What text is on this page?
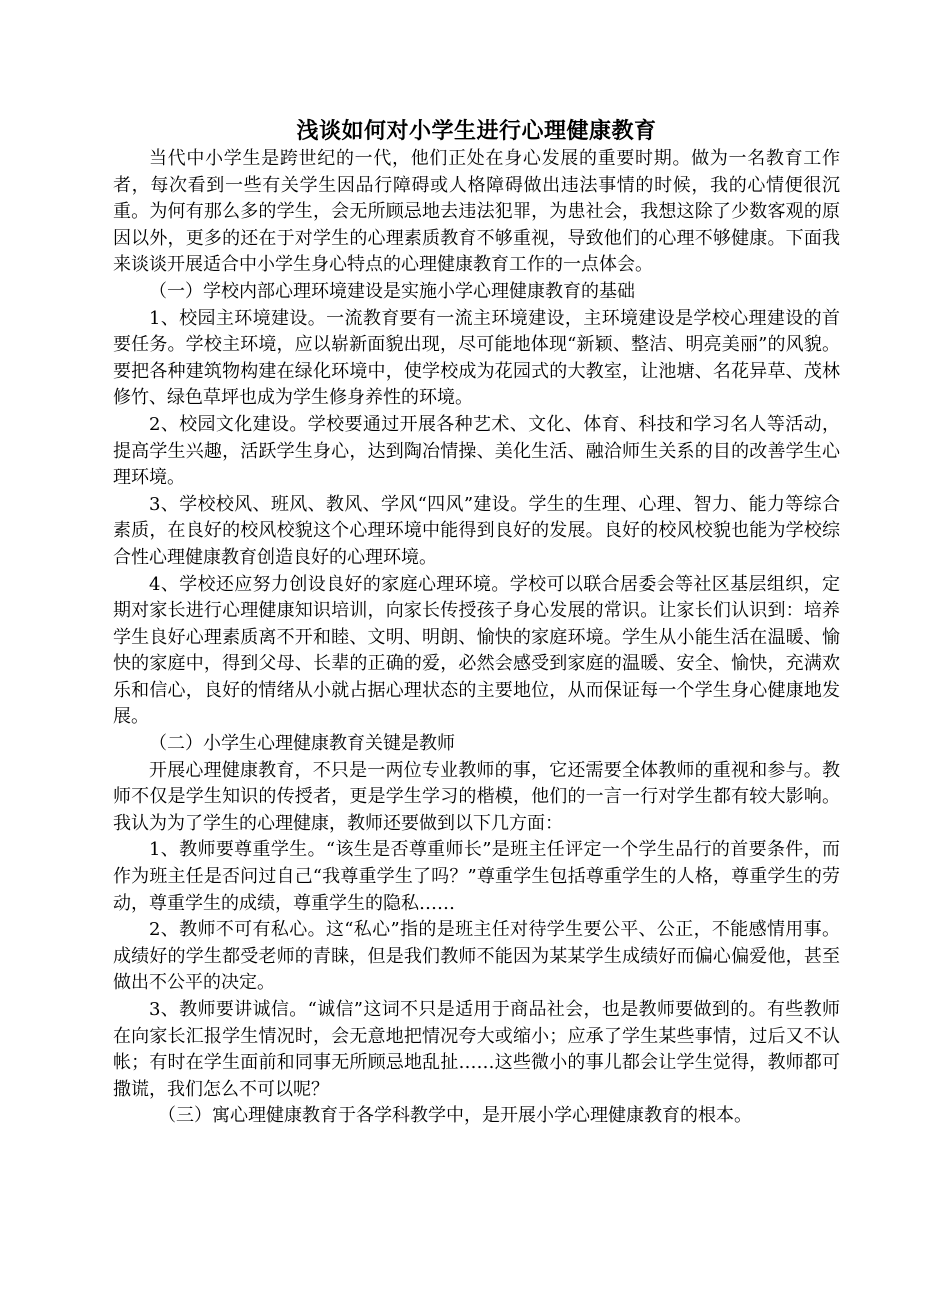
浅谈如何对小学生进行心理健康教育

当代中小学生是跨世纪的一代，他们正处在身心发展的重要时期。做为一名教育工作者，每次看到一些有关学生因品行障碍或人格障碍做出违法事情的时候，我的心情便很沉重。为何有那么多的学生，会无所顾忌地去违法犯罪，为患社会，我想这除了少数客观的原因以外，更多的还在于对学生的心理素质教育不够重视，导致他们的心理不够健康。下面我来谈谈开展适合中小学生身心特点的心理健康教育工作的一点体会。

（一）学校内部心理环境建设是实施小学心理健康教育的基础

1、校园主环境建设。一流教育要有一流主环境建设，主环境建设是学校心理建设的首要任务。学校主环境，应以崭新面貌出现，尽可能地体现“新颖、整洁、明亮美丽”的风貌。要把各种建筑物构建在绿化环境中，使学校成为花园式的大教室，让池塘、名花异草、茂林修竹、绿色草坪也成为学生修身养性的环境。

2、校园文化建设。学校要通过开展各种艺术、文化、体育、科技和学习名人等活动，提高学生兴趣，活跃学生身心，达到陶冶情操、美化生活、融洽师生关系的目的改善学生心理环境。

3、学校校风、班风、教风、学风“四风”建设。学生的生理、心理、智力、能力等综合素质，在良好的校风校貌这个心理环境中能得到良好的发展。良好的校风校貌也能为学校综合性心理健康教育创造良好的心理环境。

4、学校还应努力创设良好的家庭心理环境。学校可以联合居委会等社区基层组织，定期对家长进行心理健康知识培训，向家长传授孩子身心发展的常识。让家长们认识到：培养学生良好心理素质离不开和睦、文明、明朗、愉快的家庭环境。学生从小能生活在温暖、愉快的家庭中，得到父母、长辈的正确的爱，必然会感受到家庭的温暖、安全、愉快，充满欢乐和信心，良好的情绪从小就占据心理状态的主要地位，从而保证每一个学生身心健康地发展。

（二）小学生心理健康教育关键是教师

开展心理健康教育，不只是一两位专业教师的事，它还需要全体教师的重视和参与。教师不仅是学生知识的传授者，更是学生学习的楷模，他们的一言一行对学生都有较大影响。我认为为了学生的心理健康，教师还要做到以下几方面：

1、教师要尊重学生。“该生是否尊重师长”是班主任评定一个学生品行的首要条件，而作为班主任是否问过自己“我尊重学生了吗？”尊重学生包括尊重学生的人格，尊重学生的劳动，尊重学生的成绩，尊重学生的隐私……

2、教师不可有私心。这“私心”指的是班主任对待学生要公平、公正，不能感情用事。成绩好的学生都受老师的青睐，但是我们教师不能因为某某学生成绩好而偏心偏爱他，甚至做出不公平的决定。

3、教师要讲诚信。“诚信”这词不只是适用于商品社会，也是教师要做到的。有些教师在向家长汇报学生情况时，会无意地把情况夸大或缩小；应承了学生某些事情，过后又不认帐；有时在学生面前和同事无所顾忌地乱扯……这些微小的事儿都会让学生觉得，教师都可撒谎，我们怎么不可以呢？

（三）寓心理健康教育于各学科教学中，是开展小学心理健康教育的根本。
